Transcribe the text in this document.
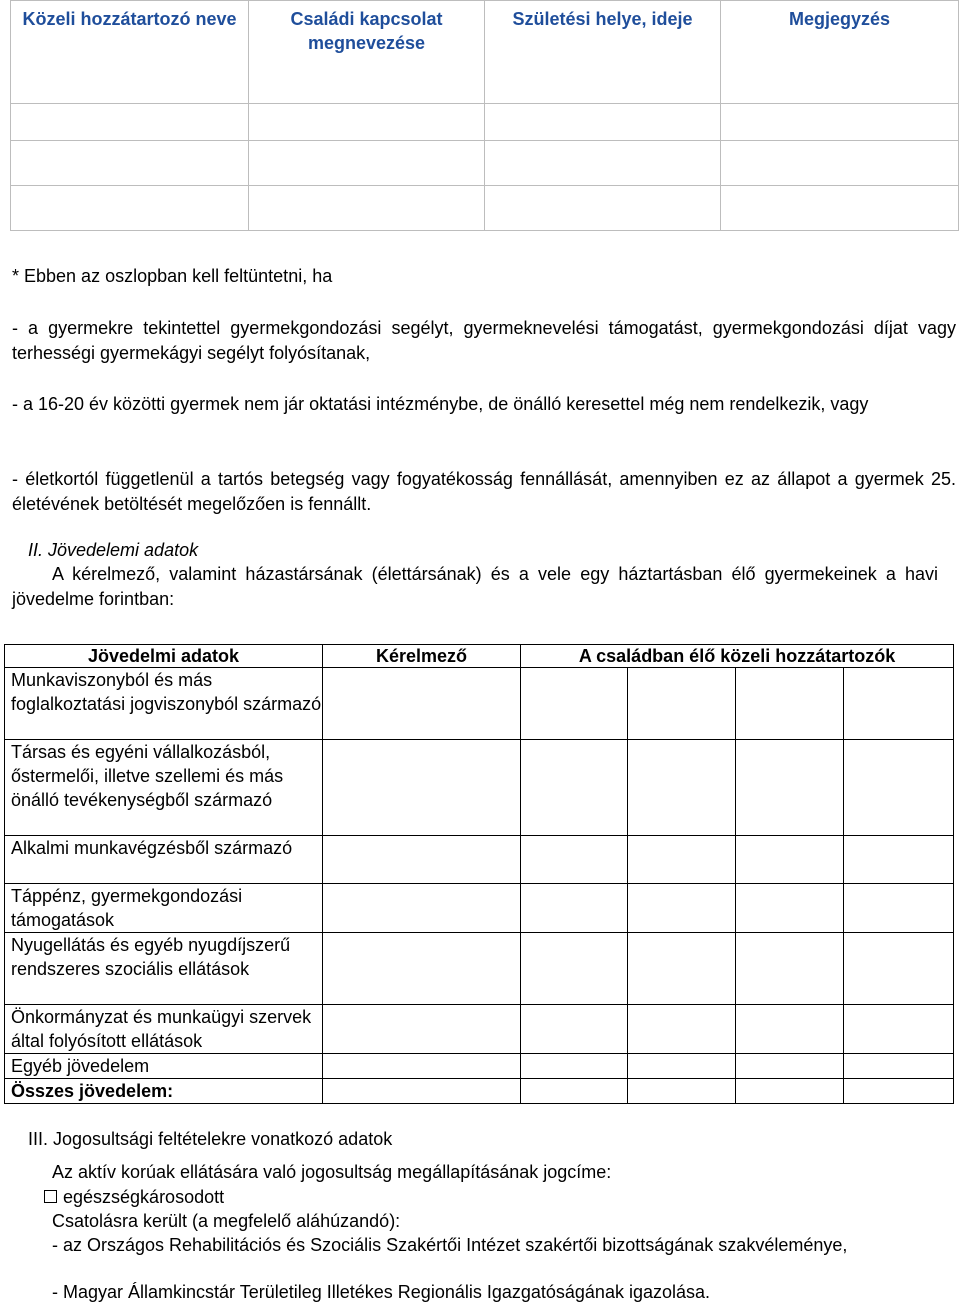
Közeli hozzátartozó neve	Családi kapcsolat megnevezése	Születési helye, ideje	Megjegyzés

* Ebben az oszlopban kell feltüntetni, ha
- a gyermekre tekintettel gyermekgondozási segélyt, gyermeknevelési támogatást, gyermekgondozási díjat vagy terhességi gyermekágyi segélyt folyósítanak,
- a 16-20 év közötti gyermek nem jár oktatási intézménybe, de önálló keresettel még nem rendelkezik, vagy
- életkortól függetlenül a tartós betegség vagy fogyatékosság fennállását, amennyiben ez az állapot a gyermek 25. életévének betöltését megelőzően is fennállt.
II. Jövedelemi adatok
A kérelmező, valamint házastársának (élettársának) és a vele egy háztartásban élő gyermekeinek a havi jövedelme forintban:
Jövedelmi adatok	Kérelmező	A családban élő közeli hozzátartozók			
Munkaviszonyból és más foglalkoztatási jogviszonyból származó					
Társas és egyéni vállalkozásból, őstermelői, illetve szellemi és más önálló tevékenységből származó					
Alkalmi munkavégzésből származó					
Táppénz, gyermekgondozási támogatások					
Nyugellátás és egyéb nyugdíjszerű rendszeres szociális ellátások					
Önkormányzat és munkaügyi szervek által folyósított ellátások					
Egyéb jövedelem					
Összes jövedelem:					
III. Jogosultsági feltételekre vonatkozó adatok
Az aktív korúak ellátására való jogosultság megállapításának jogcíme:
egészségkárosodott
Csatolásra került (a megfelelő aláhúzandó):
- az Országos Rehabilitációs és Szociális Szakértői Intézet szakértői bizottságának szakvéleménye,
- Magyar Államkincstár Területileg Illetékes Regionális Igazgatóságának igazolása.
